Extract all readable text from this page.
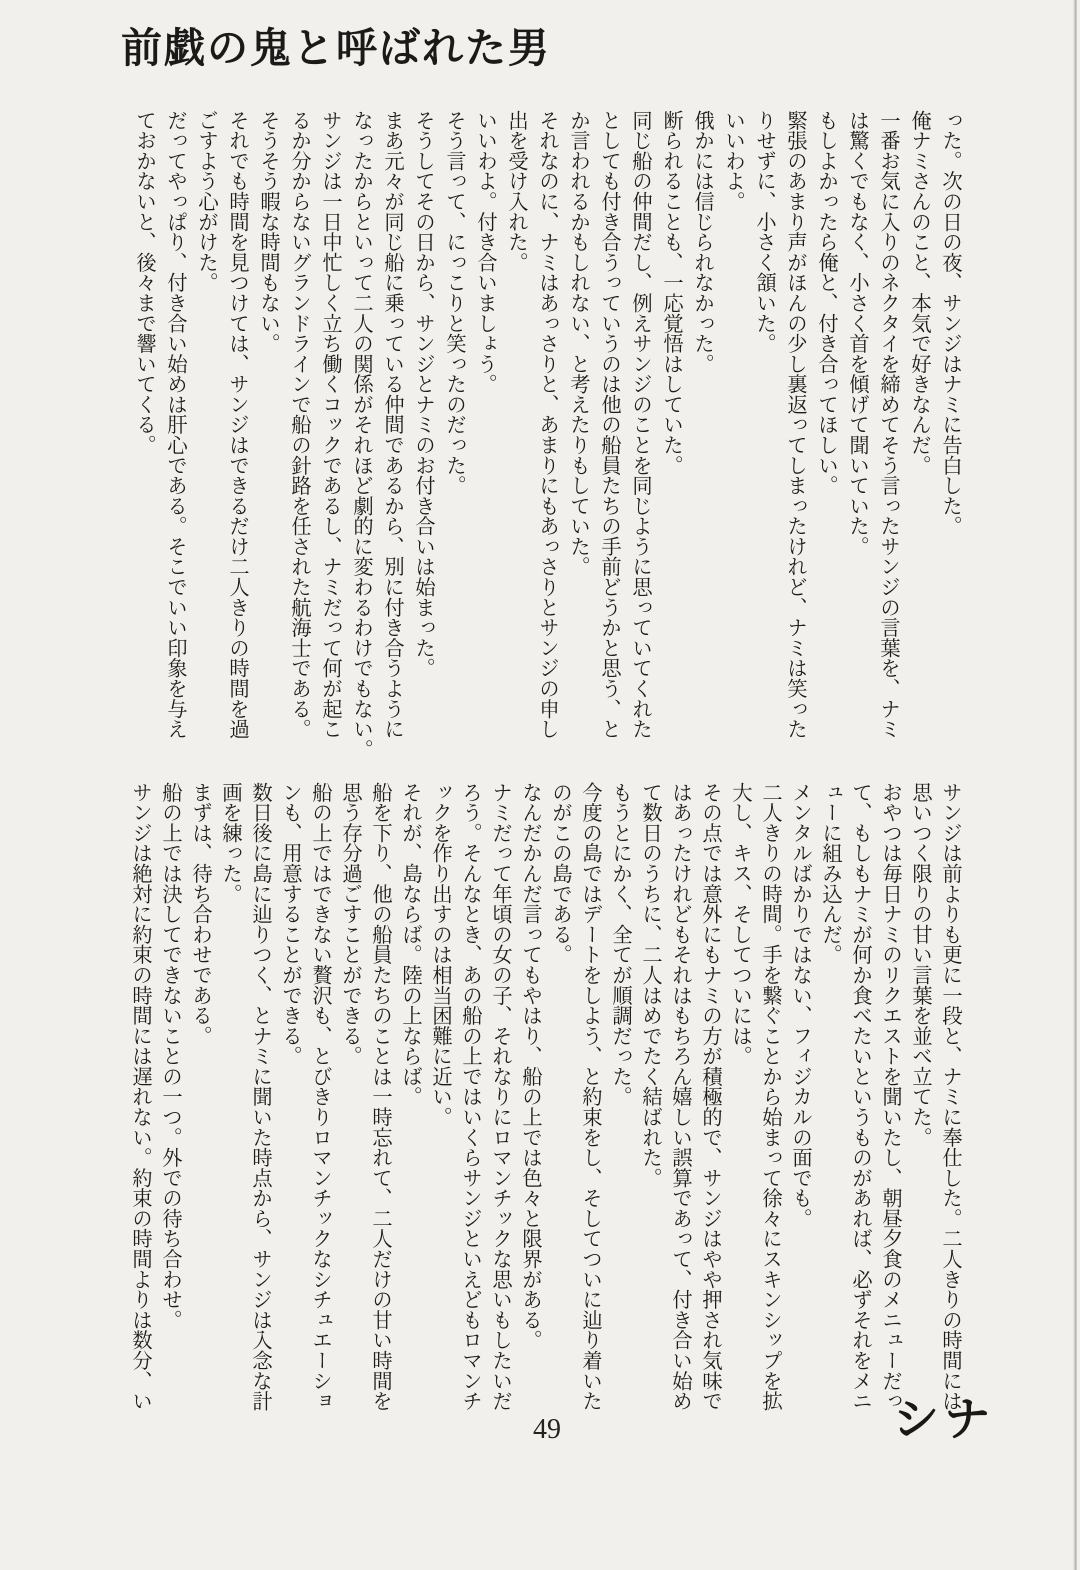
前戯の鬼と呼ばれた男
った。次の日の夜、サンジはナミに告白した。
俺ナミさんのこと、本気で好きなんだ。
一番お気に入りのネクタイを締めてそう言ったサンジの言葉を、ナミ
は驚くでもなく、小さく首を傾げて聞いていた。
もしよかったら俺と、付き合ってほしい。
緊張のあまり声がほんの少し裏返ってしまったけれど、ナミは笑った
りせずに、小さく頷いた。
いいわよ。
俄かには信じられなかった。
断られることも、一応覚悟はしていた。
同じ船の仲間だし、例えサンジのことを同じように思っていてくれた
としても付き合うっていうのは他の船員たちの手前どうかと思う、と
か言われるかもしれない、と考えたりもしていた。
それなのに、ナミはあっさりと、あまりにもあっさりとサンジの申し
出を受け入れた。
いいわよ。付き合いましょう。
そう言って、にっこりと笑ったのだった。
そうしてその日から、サンジとナミのお付き合いは始まった。
まあ元々が同じ船に乗っている仲間であるから、別に付き合うように
なったからといって二人の関係がそれほど劇的に変わるわけでもない。
サンジは一日中忙しく立ち働くコックであるし、ナミだって何が起こ
るか分からないグランドラインで船の針路を任された航海士である。
そうそう暇な時間もない。
それでも時間を見つけては、サンジはできるだけ二人きりの時間を過
ごすよう心がけた。
だってやっぱり、付き合い始めは肝心である。そこでいい印象を与え
ておかないと、後々まで響いてくる。
サンジは前よりも更に一段と、ナミに奉仕した。二人きりの時間には
思いつく限りの甘い言葉を並べ立てた。
おやつは毎日ナミのリクエストを聞いたし、朝昼夕食のメニューだっ
て、もしもナミが何か食べたいというものがあれば、必ずそれをメニ
ューに組み込んだ。
メンタルばかりではない、フィジカルの面でも。
二人きりの時間。手を繋ぐことから始まって徐々にスキンシップを拡
大し、キス、そしてついには。
その点では意外にもナミの方が積極的で、サンジはやや押され気味で
はあったけれどもそれはもちろん嬉しい誤算であって、付き合い始め
て数日のうちに、二人はめでたく結ばれた。
もうとにかく、全てが順調だった。
今度の島ではデートをしよう、と約束をし、そしてついに辿り着いた
のがこの島である。
なんだかんだ言ってもやはり、船の上では色々と限界がある。
ナミだって年頃の女の子、それなりにロマンチックな思いもしたいだ
ろう。そんなとき、あの船の上ではいくらサンジといえどもロマンチ
ックを作り出すのは相当困難に近い。
それが、島ならば。陸の上ならば。
船を下り、他の船員たちのことは一時忘れて、二人だけの甘い時間を
思う存分過ごすことができる。
船の上ではできない贅沢も、とびきりロマンチックなシチュエーショ
ンも、用意することができる。
数日後に島に辿りつく、とナミに聞いた時点から、サンジは入念な計
画を練った。
まずは、待ち合わせである。
船の上では決してできないことの一つ。外での待ち合わせ。
サンジは絶対に約束の時間には遅れない。約束の時間よりは数分、い
49	シナ
